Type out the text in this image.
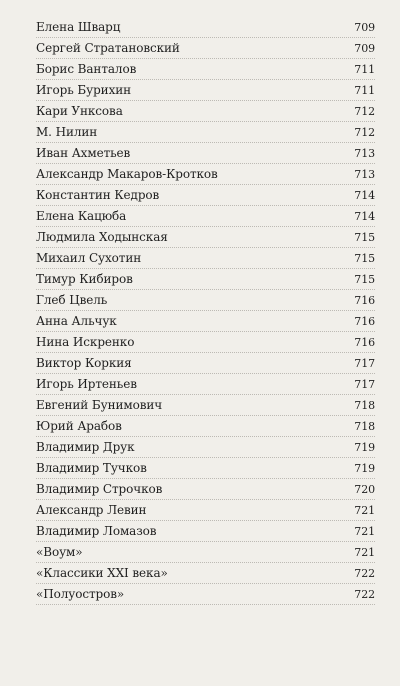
Елена Шварц	709
Сергей Стратановский	709
Борис Ванталов	711
Игорь Бурихин	711
Кари Унксова	712
М. Нилин	712
Иван Ахметьев	713
Александр Макаров-Кротков	713
Константин Кедров	714
Елена Кацюба	714
Людмила Ходынская	715
Михаил Сухотин	715
Тимур Кибиров	715
Глеб Цвель	716
Анна Альчук	716
Нина Искренко	716
Виктор Коркия	717
Игорь Иртеньев	717
Евгений Бунимович	718
Юрий Арабов	718
Владимир Друк	719
Владимир Тучков	719
Владимир Строчков	720
Александр Левин	721
Владимир Ломазов	721
«Воум»	721
«Классики XXI века»	722
«Полуостров»	722
